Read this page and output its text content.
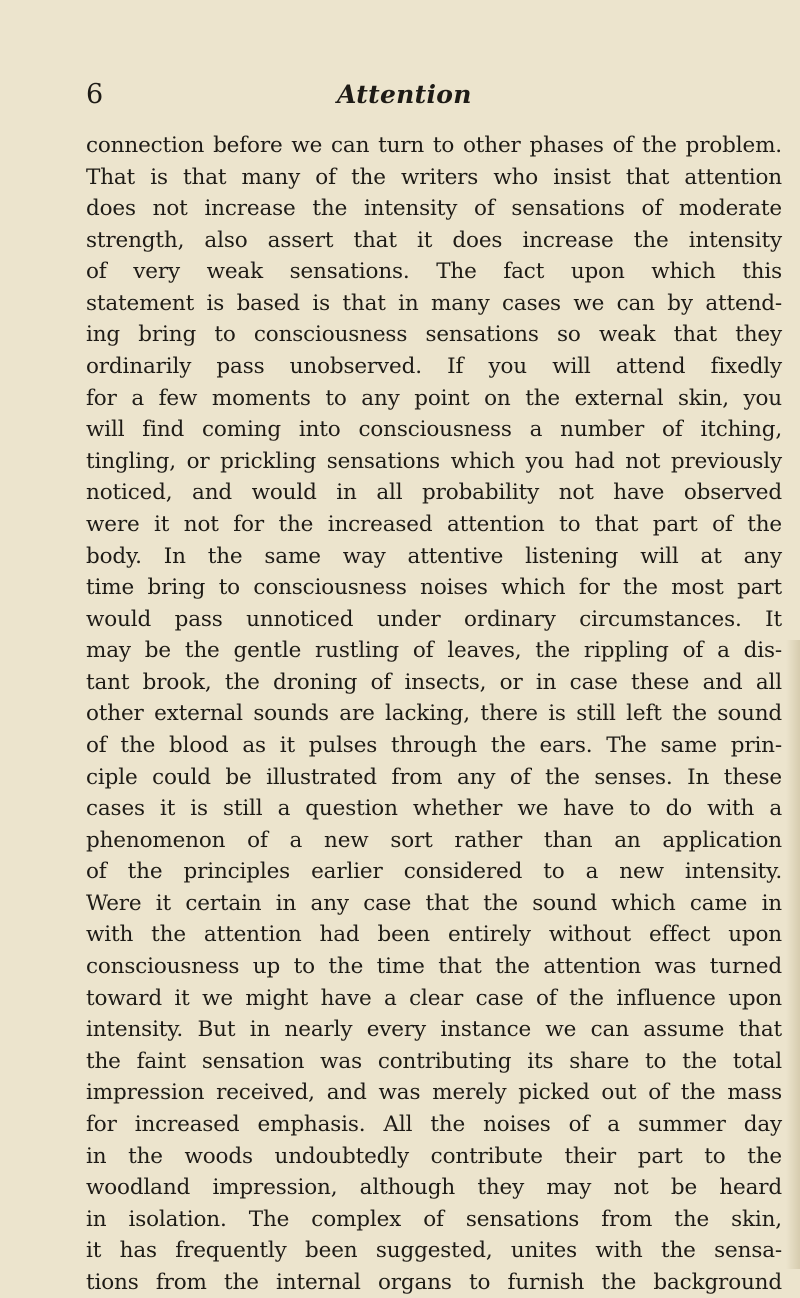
6	Attention
connection before we can turn to other phases of the problem.
That is that many of the writers who insist that attention
does not increase the intensity of sensations of moderate
strength, also assert that it does increase the intensity
of very weak sensations. The fact upon which this
statement is based is that in many cases we can by attend-
ing bring to consciousness sensations so weak that they
ordinarily pass unobserved. If you will attend fixedly
for a few moments to any point on the external skin, you
will find coming into consciousness a number of itching,
tingling, or prickling sensations which you had not previously
noticed, and would in all probability not have observed
were it not for the increased attention to that part of the
body. In the same way attentive listening will at any
time bring to consciousness noises which for the most part
would pass unnoticed under ordinary circumstances. It
may be the gentle rustling of leaves, the rippling of a dis-
tant brook, the droning of insects, or in case these and all
other external sounds are lacking, there is still left the sound
of the blood as it pulses through the ears. The same prin-
ciple could be illustrated from any of the senses. In these
cases it is still a question whether we have to do with a
phenomenon of a new sort rather than an application
of the principles earlier considered to a new intensity.
Were it certain in any case that the sound which came in
with the attention had been entirely without effect upon
consciousness up to the time that the attention was turned
toward it we might have a clear case of the influence upon
intensity. But in nearly every instance we can assume that
the faint sensation was contributing its share to the total
impression received, and was merely picked out of the mass
for increased emphasis. All the noises of a summer day
in the woods undoubtedly contribute their part to the
woodland impression, although they may not be heard
in isolation. The complex of sensations from the skin,
it has frequently been suggested, unites with the sensa-
tions from the internal organs to furnish the background
